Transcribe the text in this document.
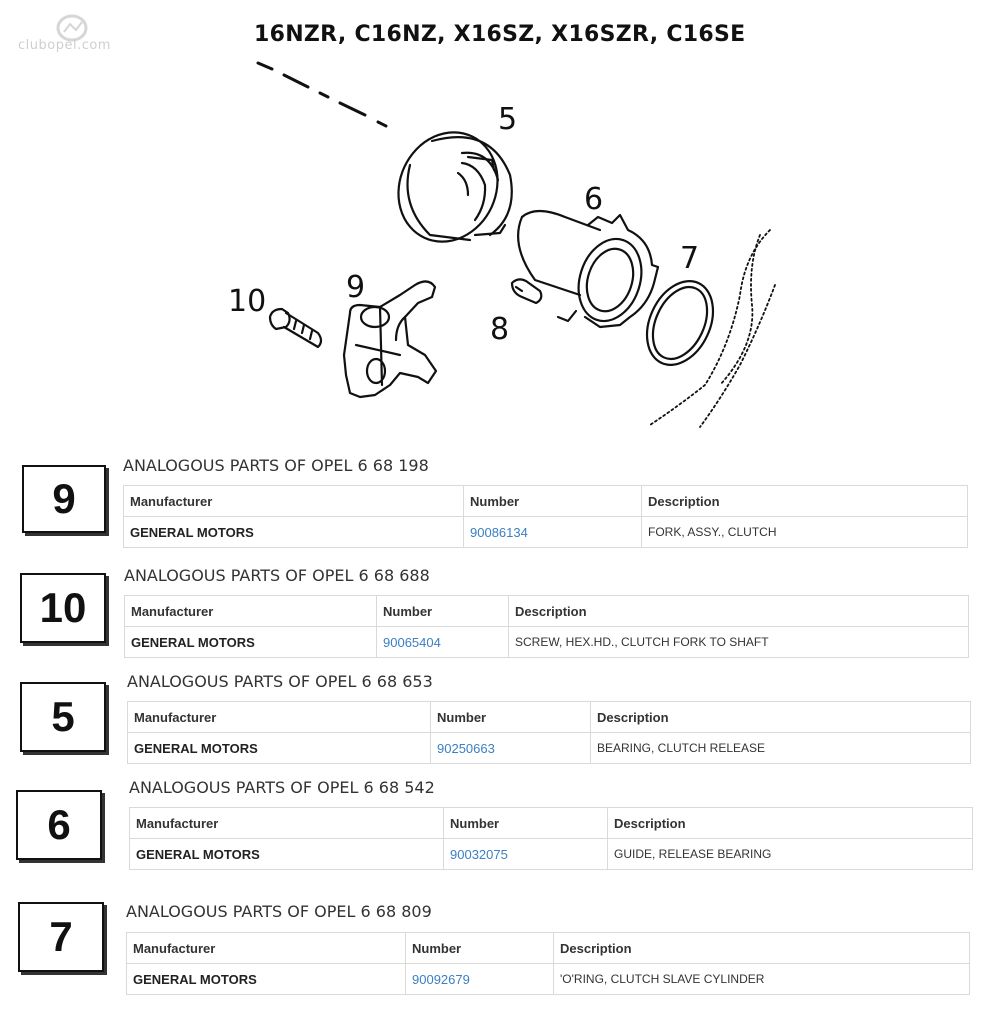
clubopel.com	16NZR, C16NZ, X16SZ, X16SZR, C16SE
5
6
7
8
9
10
9
ANALOGOUS PARTS OF OPEL 6 68 198
Manufacturer	Number	Description
GENERAL MOTORS	90086134	FORK, ASSY., CLUTCH
10
ANALOGOUS PARTS OF OPEL 6 68 688
Manufacturer	Number	Description
GENERAL MOTORS	90065404	SCREW, HEX.HD., CLUTCH FORK TO SHAFT
5
ANALOGOUS PARTS OF OPEL 6 68 653
Manufacturer	Number	Description
GENERAL MOTORS	90250663	BEARING, CLUTCH RELEASE
6
ANALOGOUS PARTS OF OPEL 6 68 542
Manufacturer	Number	Description
GENERAL MOTORS	90032075	GUIDE, RELEASE BEARING
7
ANALOGOUS PARTS OF OPEL 6 68 809
Manufacturer	Number	Description
GENERAL MOTORS	90092679	'O'RING, CLUTCH SLAVE CYLINDER
